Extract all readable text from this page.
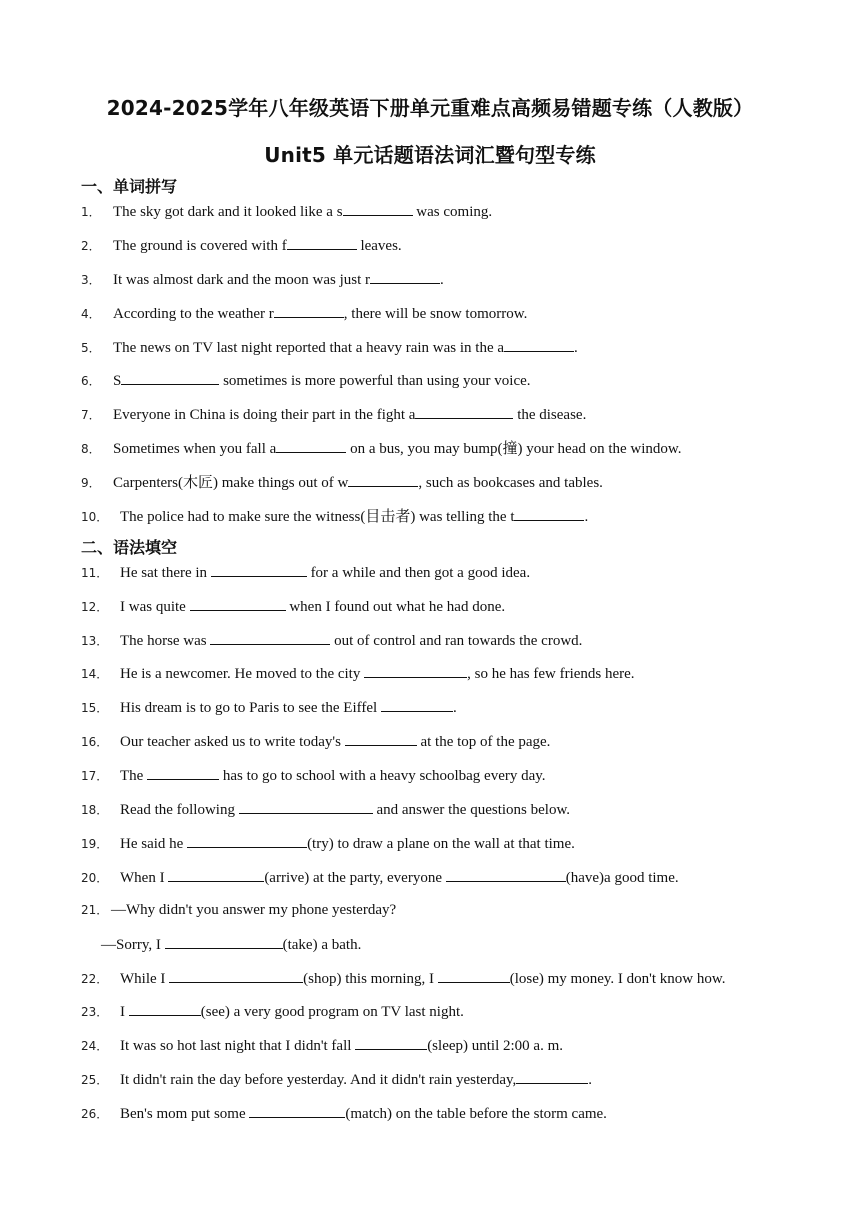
2024-2025学年八年级英语下册单元重难点高频易错题专练（人教版）
Unit5 单元话题语法词汇暨句型专练
一、单词拼写
1． The sky got dark and it looked like a s	was coming.
2． The ground is covered with f	leaves.
3． It was almost dark and the moon was just r	.
4． According to the weather r	, there will be snow tomorrow.
5． The news on TV last night reported that a heavy rain was in the a	.
6． S	sometimes is more powerful than using your voice.
7． Everyone in China is doing their part in the fight a	the disease.
8． Sometimes when you fall a	on a bus, you may bump(撞) your head on the window.
9． Carpenters(木匠) make things out of w	, such as bookcases and tables.
10． The police had to make sure the witness(目击者) was telling the t	.
二、语法填空
11． He sat there in	for a while and then got a good idea.
12． I was quite	when I found out what he had done.
13． The horse was	out of control and ran towards the crowd.
14． He is a newcomer. He moved to the city	, so he has few friends here.
15． His dream is to go to Paris to see the Eiffel	.
16． Our teacher asked us to write today's	at the top of the page.
17． The	has to go to school with a heavy schoolbag every day.
18． Read the following	and answer the questions below.
19． He said he	(try) to draw a plane on the wall at that time.
20． When I	(arrive) at the party, everyone	(have)a good time.
21． —Why didn't you answer my phone yesterday?
—Sorry, I	(take) a bath.
22． While I	(shop) this morning, I	(lose) my money. I don't know how.
23． I	(see) a very good program on TV last night.
24． It was so hot last night that I didn't fall	(sleep) until 2:00 a. m.
25． It didn't rain the day before yesterday. And it didn't rain yesterday,	.
26． Ben's mom put some	(match) on the table before the storm came.
